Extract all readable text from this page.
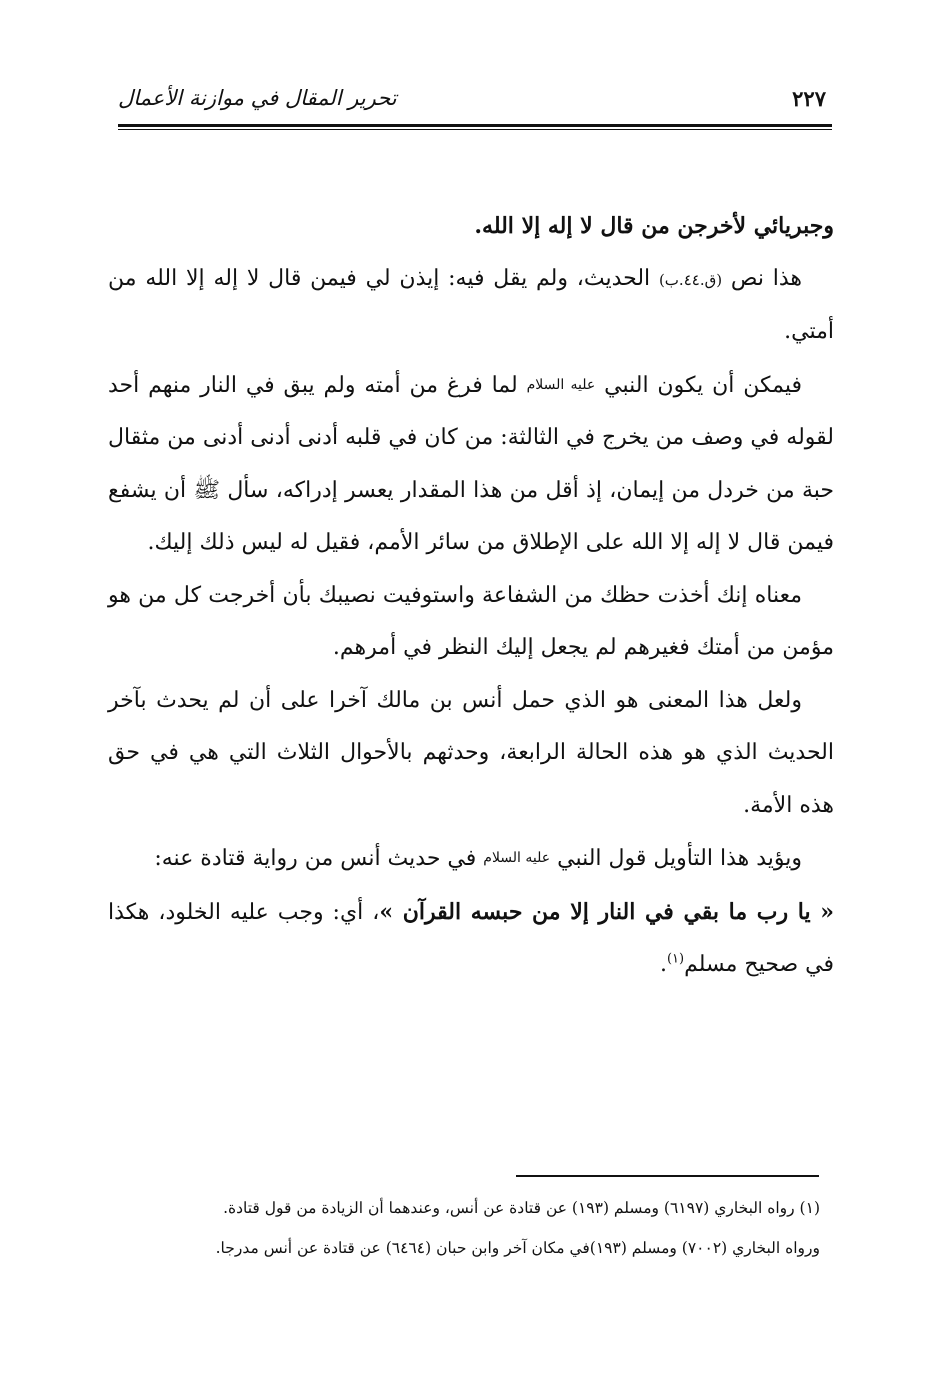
تحرير المقال في موازنة الأعمال	٢٢٧

وجبريائي لأخرجن من قال لا إله إلا الله.

هذا نص (ق.٤٤.ب) الحديث، ولم يقل فيه: إيذن لي فيمن قال لا إله إلا الله من أمتي.

فيمكن أن يكون النبي عليه السلام لما فرغ من أمته ولم يبق في النار منهم أحد لقوله في وصف من يخرج في الثالثة: من كان في قلبه أدنى أدنى أدنى من مثقال حبة من خردل من إيمان، إذ أقل من هذا المقدار يعسر إدراكه، سأل ﷺ أن يشفع فيمن قال لا إله إلا الله على الإطلاق من سائر الأمم، فقيل له ليس ذلك إليك.

معناه إنك أخذت حظك من الشفاعة واستوفيت نصيبك بأن أخرجت كل من هو مؤمن من أمتك فغيرهم لم يجعل إليك النظر في أمرهم.

ولعل هذا المعنى هو الذي حمل أنس بن مالك آخرا على أن لم يحدث بآخر الحديث الذي هو هذه الحالة الرابعة، وحدثهم بالأحوال الثلاث التي هي في حق هذه الأمة.

ويؤيد هذا التأويل قول النبي عليه السلام في حديث أنس من رواية قتادة عنه:

« يا رب ما بقي في النار إلا من حبسه القرآن »، أي: وجب عليه الخلود، هكذا في صحيح مسلم$^{(١)}$.

(١) رواه البخاري (٦١٩٧) ومسلم (١٩٣) عن قتادة عن أنس، وعندهما أن الزيادة من قول قتادة.

ورواه البخاري (٧٠٠٢) ومسلم (١٩٣)في مكان آخر وابن حبان (٦٤٦٤) عن قتادة عن أنس مدرجا.
